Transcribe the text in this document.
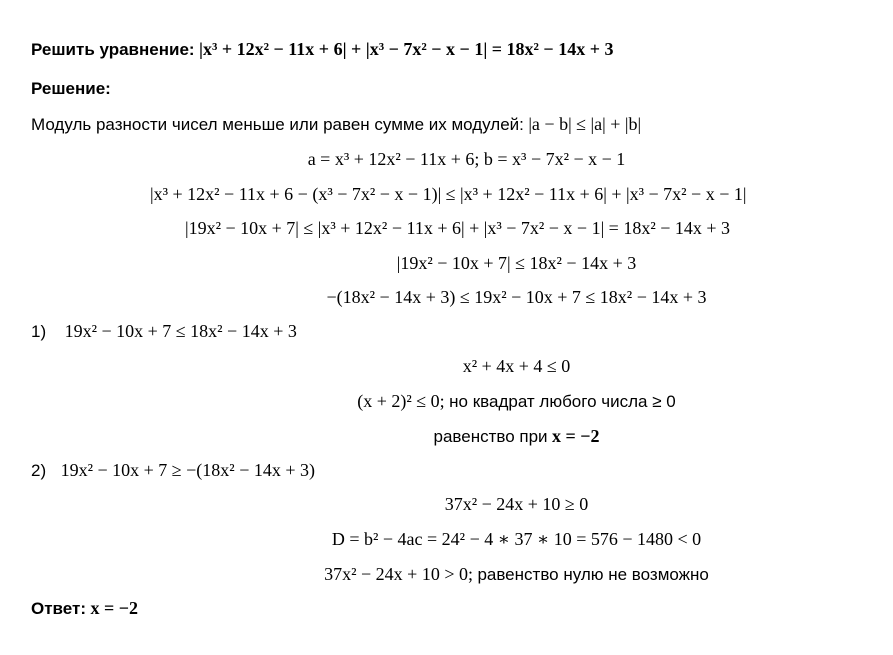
Решить уравнение: |x³ + 12x² − 11x + 6| + |x³ − 7x² − x − 1| = 18x² − 14x + 3
Решение:
Модуль разности чисел меньше или равен сумме их модулей: |a − b| ≤ |a| + |b|
a = x³ + 12x² − 11x + 6; b = x³ − 7x² − x − 1
|x³ + 12x² − 11x + 6 − (x³ − 7x² − x − 1)| ≤ |x³ + 12x² − 11x + 6| + |x³ − 7x² − x − 1|
|19x² − 10x + 7| ≤ |x³ + 12x² − 11x + 6| + |x³ − 7x² − x − 1| = 18x² − 14x + 3
|19x² − 10x + 7| ≤ 18x² − 14x + 3
−(18x² − 14x + 3) ≤ 19x² − 10x + 7 ≤ 18x² − 14x + 3
1) 19x² − 10x + 7 ≤ 18x² − 14x + 3
x² + 4x + 4 ≤ 0
(x + 2)² ≤ 0; но квадрат любого числа ≥ 0
равенство при x = −2
2) 19x² − 10x + 7 ≥ −(18x² − 14x + 3)
37x² − 24x + 10 ≥ 0
D = b² − 4ac = 24² − 4 ∗ 37 ∗ 10 = 576 − 1480 < 0
37x² − 24x + 10 > 0; равенство нулю не возможно
Ответ: x = −2
